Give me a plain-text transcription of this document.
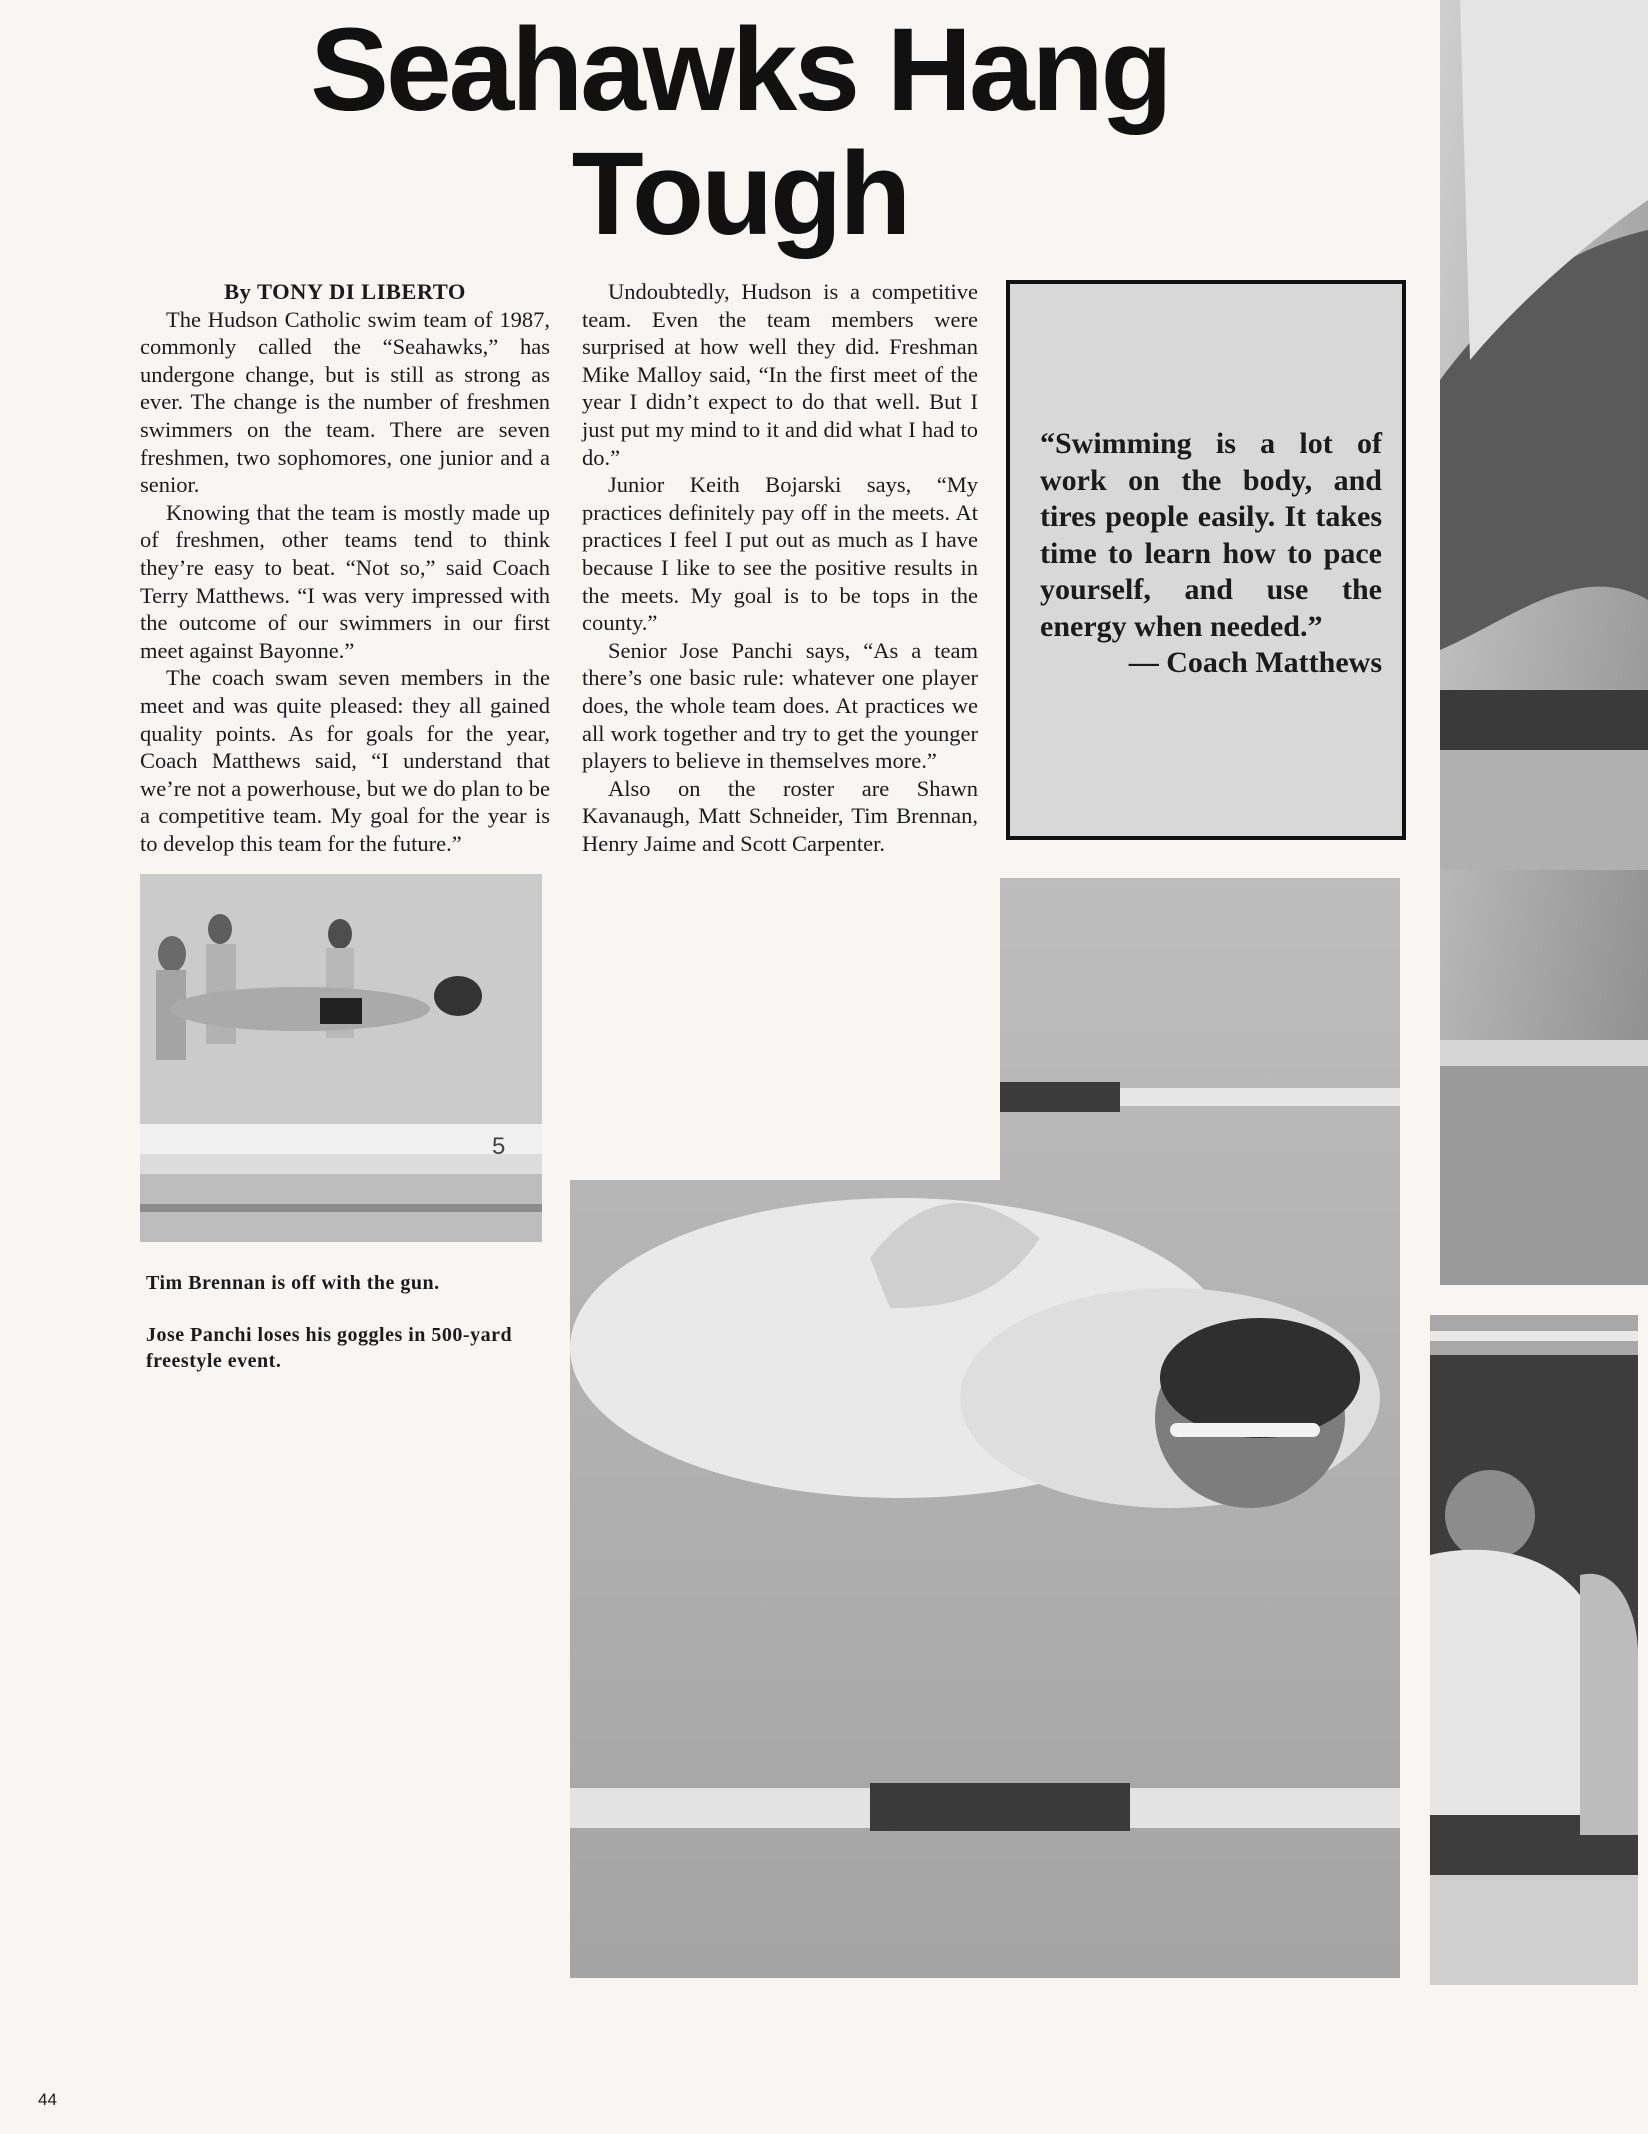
Seahawks Hang
Tough
5

By TONY DI LIBERTO

The Hudson Catholic swim team of 1987, commonly called the “Seahawks,” has undergone change, but is still as strong as ever. The change is the number of freshmen swimmers on the team. There are seven freshmen, two sophomores, one junior and a senior.

Knowing that the team is mostly made up of freshmen, other teams tend to think they’re easy to beat. “Not so,” said Coach Terry Matthews. “I was very impressed with the outcome of our swimmers in our first meet against Bayonne.”

The coach swam seven members in the meet and was quite pleased: they all gained quality points. As for goals for the year, Coach Matthews said, “I understand that we’re not a powerhouse, but we do plan to be a competitive team. My goal for the year is to develop this team for the future.”

Undoubtedly, Hudson is a competitive team. Even the team members were surprised at how well they did. Freshman Mike Malloy said, “In the first meet of the year I didn’t expect to do that well. But I just put my mind to it and did what I had to do.”

Junior Keith Bojarski says, “My practices definitely pay off in the meets. At practices I feel I put out as much as I have because I like to see the positive results in the meets. My goal is to be tops in the county.”

Senior Jose Panchi says, “As a team there’s one basic rule: whatever one player does, the whole team does. At practices we all work together and try to get the younger players to believe in themselves more.”

Also on the roster are Shawn Kavanaugh, Matt Schneider, Tim Brennan, Henry Jaime and Scott Carpenter.

“Swimming is a lot of work on the body, and tires people easily. It takes time to learn how to pace yourself, and use the energy when needed.”

— Coach Matthews

Tim Brennan is off with the gun.

Jose Panchi loses his goggles in 500-yard freestyle event.

44
